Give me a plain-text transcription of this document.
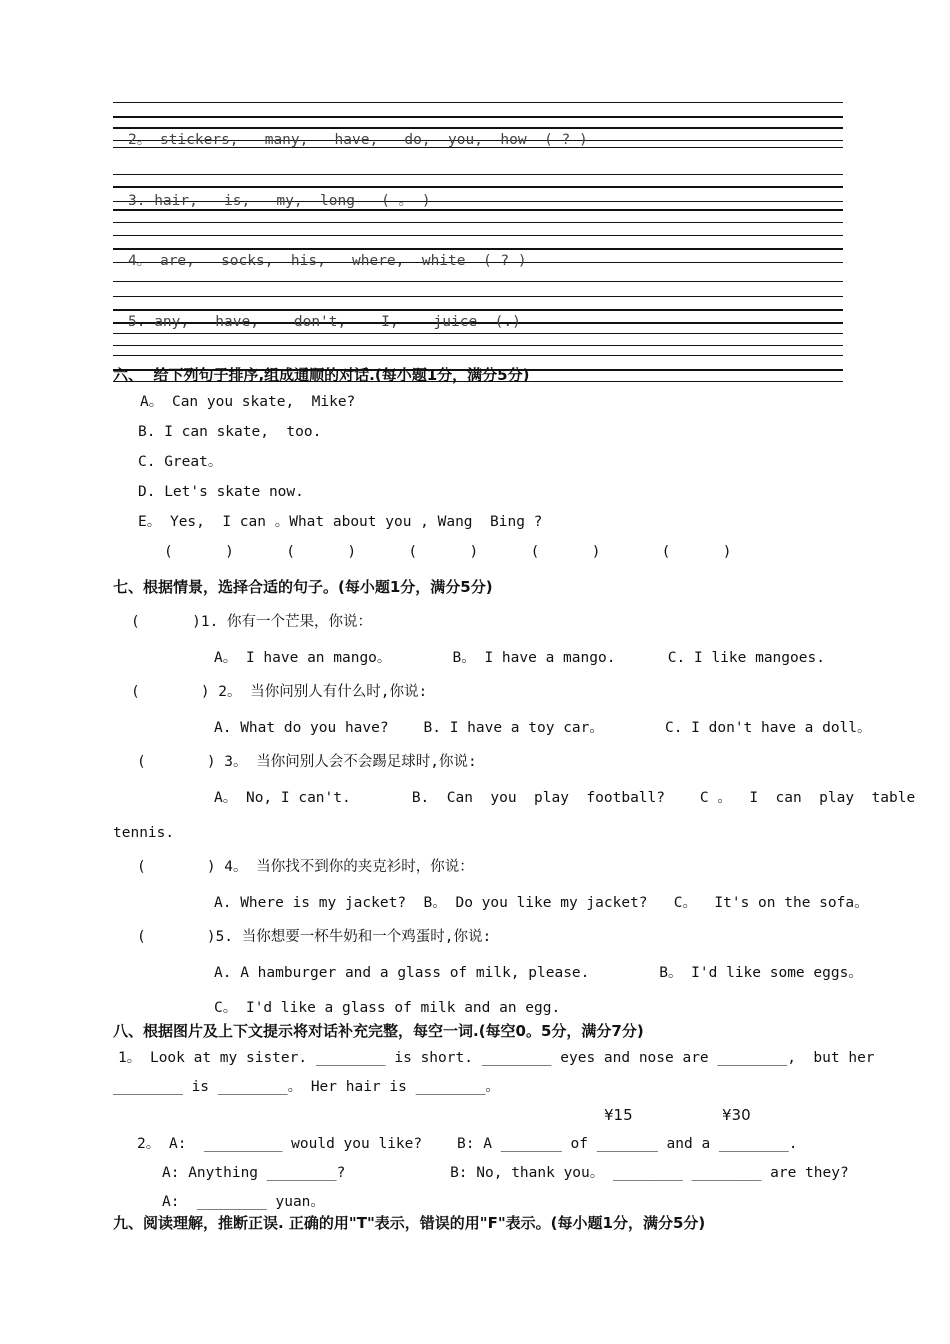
2。 stickers,   many,   have,   do,  you,  how  ( ? )
3. hair,   is,   my,  long   ( 。 )
4。 are,   socks,  his,   where,  white  ( ? )
5. any,   have,    don't,    I,    juice  (.)
六、  给下列句子排序,组成通顺的对话.(每小题1分，满分5分)
A。 Can you skate,  Mike?
B. I can skate,  too.
C. Great。
D. Let's skate now.
E。 Yes,  I can 。What about you , Wang  Bing ?
(      )      (      )      (      )      (      )       (      )
七、根据情景，选择合适的句子。(每小题1分，满分5分)
(      )1. 你有一个芒果，你说：
A。 I have an mango。       B。 I have a mango.      C. I like mangoes.
(       ) 2。 当你问别人有什么时,你说:
A. What do you have?    B. I have a toy car。       C. I don't have a doll。
(       ) 3。 当你问别人会不会踢足球时,你说:
A。 No, I can't.       B.  Can  you  play  football?    C 。  I  can  play  table
tennis.
(       ) 4。 当你找不到你的夹克衫时，你说：
A. Where is my jacket?  B。 Do you like my jacket?   C。  It's on the sofa。
(       )5. 当你想要一杯牛奶和一个鸡蛋时,你说:
A. A hamburger and a glass of milk, please.        B。 I'd like some eggs。
C。 I'd like a glass of milk and an egg.
八、根据图片及上下文提示将对话补充完整，每空一词.(每空0。5分，满分7分)
1。 Look at my sister. ________ is short. ________ eyes and nose are ________,  but her
________ is ________。 Her hair is ________。
¥15	¥30
2。 A:  _________ would you like?    B: A _______ of _______ and a ________.
A: Anything ________?            B: No, thank you。 ________ ________ are they?
A:  ________ yuan。
九、阅读理解，推断正误. 正确的用"T"表示，错误的用"F"表示。(每小题1分，满分5分)
